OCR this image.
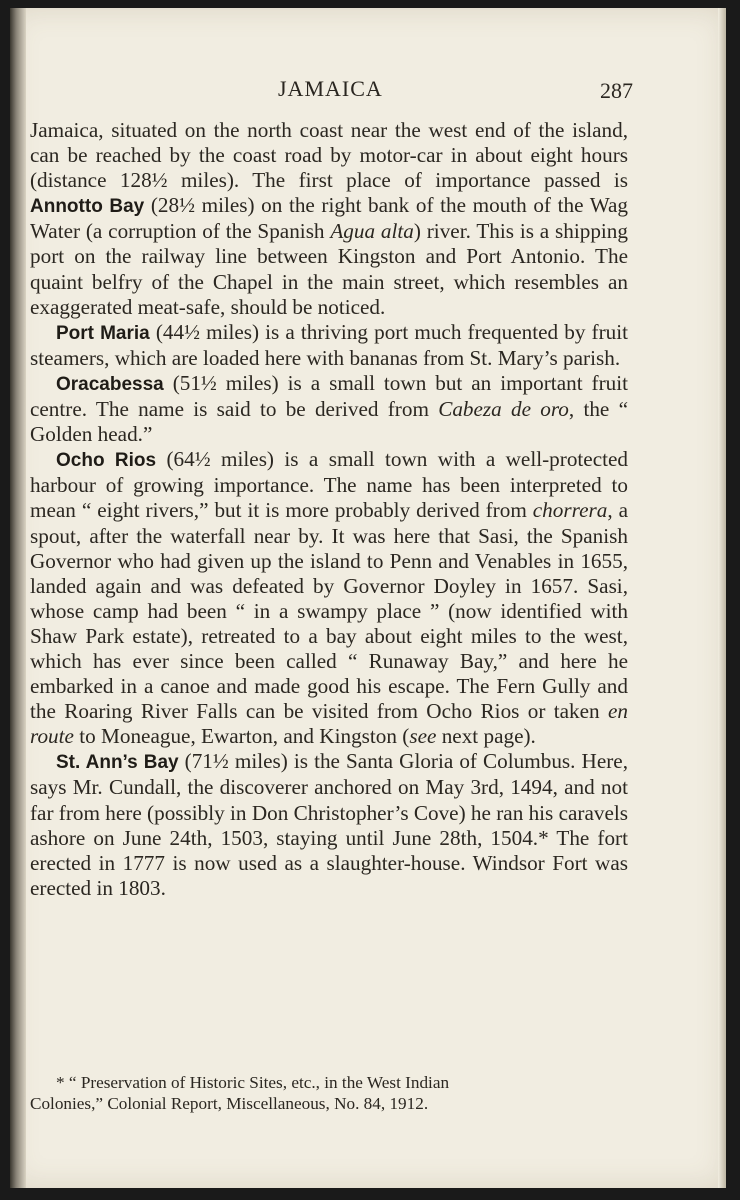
JAMAICA	287

Jamaica, situated on the north coast near the west end of the island, can be reached by the coast road by motor-car in about eight hours (distance 128½ miles). The first place of importance passed is Annotto Bay (28½ miles) on the right bank of the mouth of the Wag Water (a corruption of the Spanish Agua alta) river. This is a shipping port on the railway line between Kingston and Port Antonio. The quaint belfry of the Chapel in the main street, which resembles an exaggerated meat-safe, should be noticed.

Port Maria (44½ miles) is a thriving port much frequented by fruit steamers, which are loaded here with bananas from St. Mary’s parish.

Oracabessa (51½ miles) is a small town but an important fruit centre. The name is said to be derived from Cabeza de oro, the “ Golden head.”

Ocho Rios (64½ miles) is a small town with a well-protected harbour of growing importance. The name has been interpreted to mean “ eight rivers,” but it is more probably derived from chorrera, a spout, after the waterfall near by. It was here that Sasi, the Spanish Governor who had given up the island to Penn and Venables in 1655, landed again and was defeated by Governor Doyley in 1657. Sasi, whose camp had been “ in a swampy place ” (now identified with Shaw Park estate), retreated to a bay about eight miles to the west, which has ever since been called “ Runaway Bay,” and here he embarked in a canoe and made good his escape. The Fern Gully and the Roaring River Falls can be visited from Ocho Rios or taken en route to Moneague, Ewarton, and Kingston (see next page).

St. Ann’s Bay (71½ miles) is the Santa Gloria of Columbus. Here, says Mr. Cundall, the discoverer anchored on May 3rd, 1494, and not far from here (possibly in Don Christopher’s Cove) he ran his caravels ashore on June 24th, 1503, staying until June 28th, 1504.* The fort erected in 1777 is now used as a slaughter-house. Windsor Fort was erected in 1803.

* “ Preservation of Historic Sites, etc., in the West Indian
Colonies,” Colonial Report, Miscellaneous, No. 84, 1912.
